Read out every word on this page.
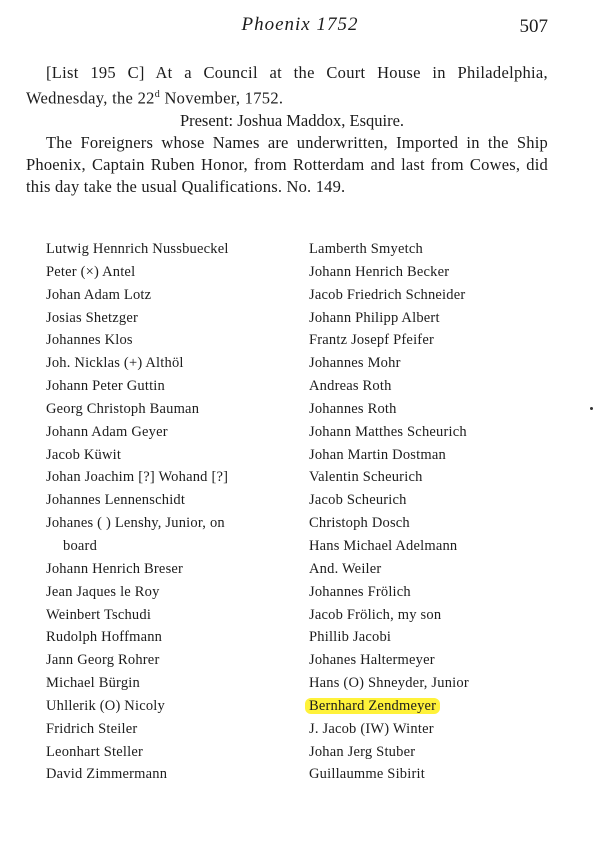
Phoenix 1752	507

[List 195 C] At a Council at the Court House in Philadelphia, Wednesday, the 22$^d$ November, 1752.

Present: Joshua Maddox, Esquire.

The Foreigners whose Names are underwritten, Imported in the Ship Phoenix, Captain Ruben Honor, from Rotterdam and last from Cowes, did this day take the usual Qualifications. No. 149.

Lutwig Hennrich Nussbueckel
Peter (×) Antel
Johan Adam Lotz
Josias Shetzger
Johannes Klos
Joh. Nicklas (+) Althöl
Johann Peter Guttin
Georg Christoph Bauman
Johann Adam Geyer
Jacob Küwit
Johan Joachim [?] Wohand [?]
Johannes Lennenschidt
Johanes ( ) Lenshy, Junior, on
board
Johann Henrich Breser
Jean Jaques le Roy
Weinbert Tschudi
Rudolph Hoffmann
Jann Georg Rohrer
Michael Bürgin
Uhllerik (O) Nicoly
Fridrich Steiler
Leonhart Steller
David Zimmermann
Lamberth Smyetch
Johann Henrich Becker
Jacob Friedrich Schneider
Johann Philipp Albert
Frantz Josepf Pfeifer
Johannes Mohr
Andreas Roth
Johannes Roth
Johann Matthes Scheurich
Johan Martin Dostman
Valentin Scheurich
Jacob Scheurich
Christoph Dosch
Hans Michael Adelmann
And. Weiler
Johannes Frölich
Jacob Frölich, my son
Phillib Jacobi
Johanes Haltermeyer
Hans (O) Shneyder, Junior
Bernhard Zendmeyer
J. Jacob (IW) Winter
Johan Jerg Stuber
Guillaumme Sibirit
